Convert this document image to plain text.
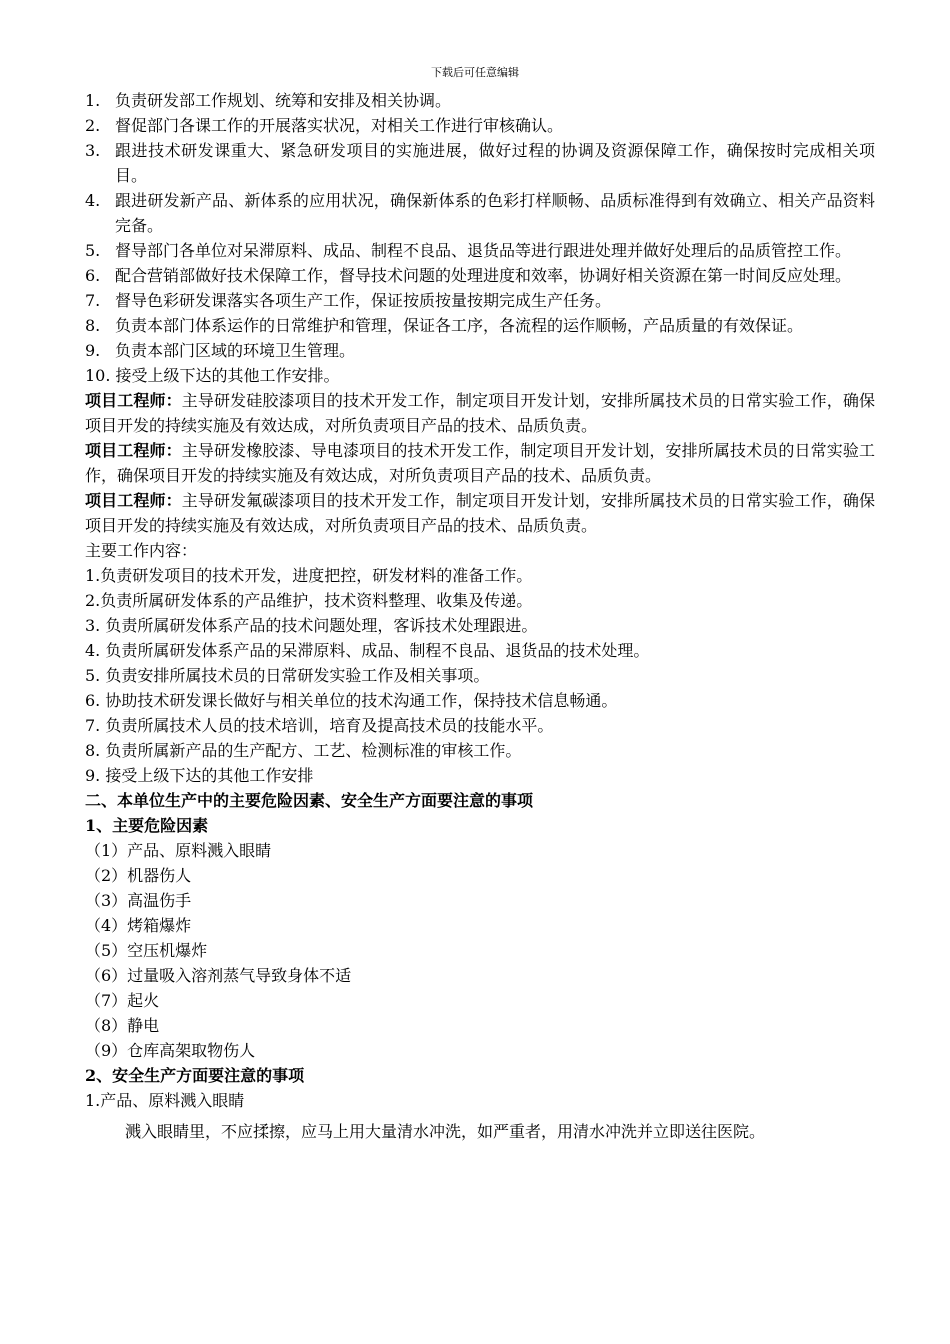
下载后可任意编辑
1. 负责研发部工作规划、统筹和安排及相关协调。
2. 督促部门各课工作的开展落实状况，对相关工作进行审核确认。
3. 跟进技术研发课重大、紧急研发项目的实施进展，做好过程的协调及资源保障工作，确保按时完成相关项目。
4. 跟进研发新产品、新体系的应用状况，确保新体系的色彩打样顺畅、品质标准得到有效确立、相关产品资料完备。
5. 督导部门各单位对呆滞原料、成品、制程不良品、退货品等进行跟进处理并做好处理后的品质管控工作。
6. 配合营销部做好技术保障工作，督导技术问题的处理进度和效率，协调好相关资源在第一时间反应处理。
7. 督导色彩研发课落实各项生产工作，保证按质按量按期完成生产任务。
8. 负责本部门体系运作的日常维护和管理，保证各工序，各流程的运作顺畅，产品质量的有效保证。
9. 负责本部门区域的环境卫生管理。
10. 接受上级下达的其他工作安排。
项目工程师：主导研发硅胶漆项目的技术开发工作，制定项目开发计划，安排所属技术员的日常实验工作，确保项目开发的持续实施及有效达成，对所负责项目产品的技术、品质负责。
项目工程师：主导研发橡胶漆、导电漆项目的技术开发工作，制定项目开发计划，安排所属技术员的日常实验工作，确保项目开发的持续实施及有效达成，对所负责项目产品的技术、品质负责。
项目工程师：主导研发氟碳漆项目的技术开发工作，制定项目开发计划，安排所属技术员的日常实验工作，确保项目开发的持续实施及有效达成，对所负责项目产品的技术、品质负责。
主要工作内容：
1.负责研发项目的技术开发，进度把控，研发材料的准备工作。
2.负责所属研发体系的产品维护，技术资料整理、收集及传递。
3. 负责所属研发体系产品的技术问题处理，客诉技术处理跟进。
4. 负责所属研发体系产品的呆滞原料、成品、制程不良品、退货品的技术处理。
5. 负责安排所属技术员的日常研发实验工作及相关事项。
6. 协助技术研发课长做好与相关单位的技术沟通工作，保持技术信息畅通。
7. 负责所属技术人员的技术培训，培育及提高技术员的技能水平。
8. 负责所属新产品的生产配方、工艺、检测标准的审核工作。
9. 接受上级下达的其他工作安排
二、本单位生产中的主要危险因素、安全生产方面要注意的事项
1、主要危险因素
（1）产品、原料溅入眼睛
（2）机器伤人
（3）高温伤手
（4）烤箱爆炸
（5）空压机爆炸
（6）过量吸入溶剂蒸气导致身体不适
（7）起火
（8）静电
（9）仓库高架取物伤人
2、安全生产方面要注意的事项
1.产品、原料溅入眼睛
溅入眼睛里，不应揉擦，应马上用大量清水冲洗，如严重者，用清水冲洗并立即送往医院。
